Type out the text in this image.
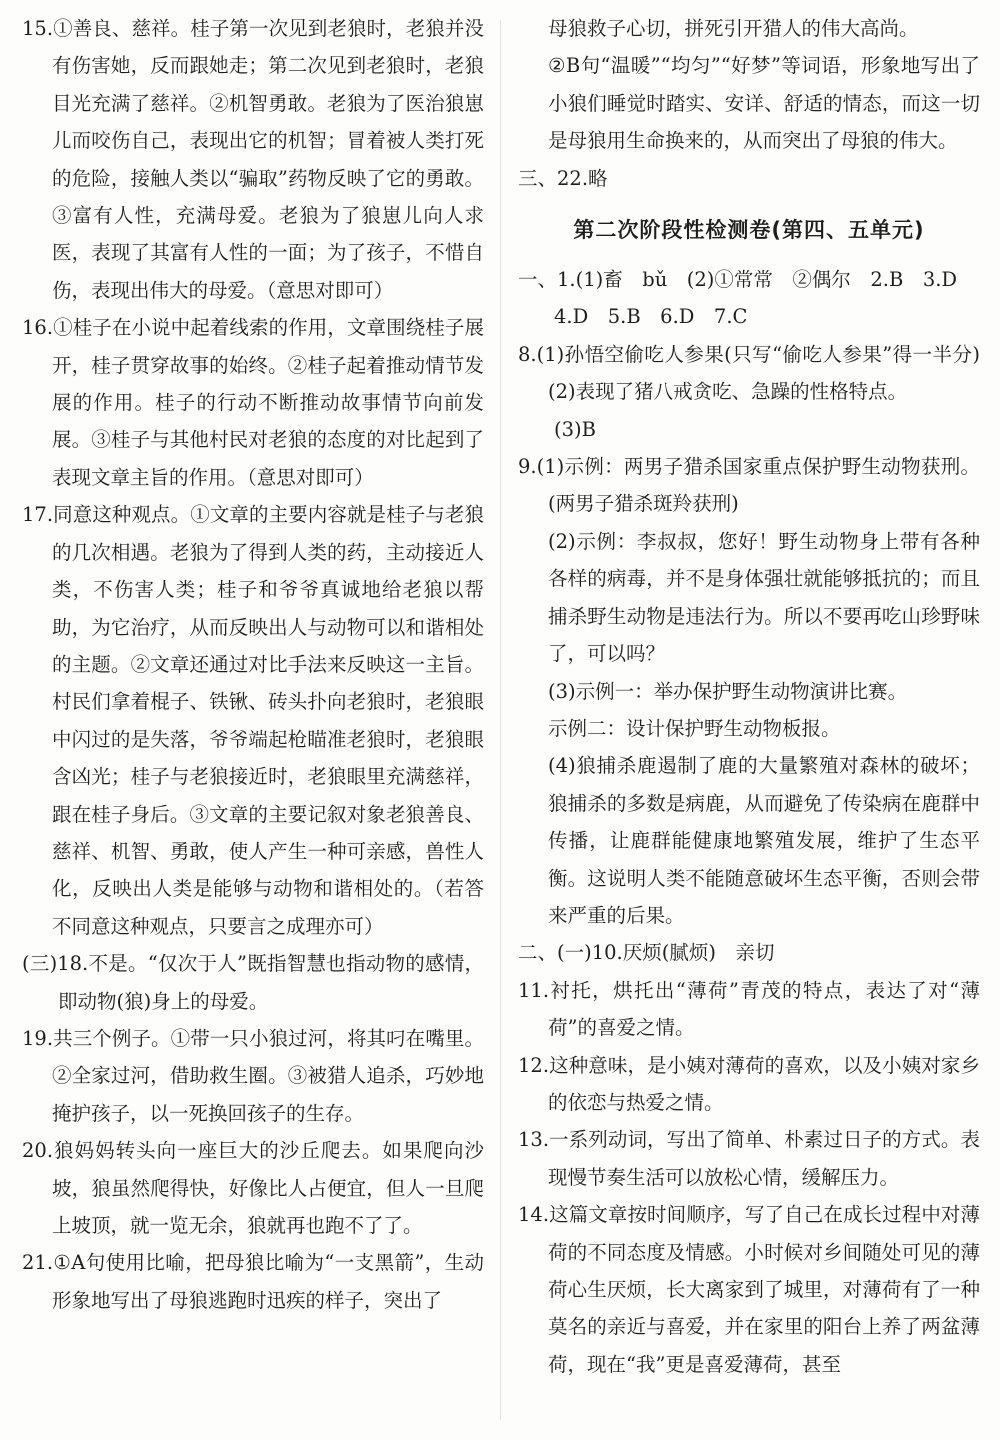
15.①善良、慈祥。桂子第一次见到老狼时，老狼并没有伤害她，反而跟她走；第二次见到老狼时，老狼目光充满了慈祥。②机智勇敢。老狼为了医治狼崽儿而咬伤自己，表现出它的机智；冒着被人类打死的危险，接触人类以“骗取”药物反映了它的勇敢。③富有人性，充满母爱。老狼为了狼崽儿向人求医，表现了其富有人性的一面；为了孩子，不惜自伤，表现出伟大的母爱。（意思对即可）

16.①桂子在小说中起着线索的作用，文章围绕桂子展开，桂子贯穿故事的始终。②桂子起着推动情节发展的作用。桂子的行动不断推动故事情节向前发展。③桂子与其他村民对老狼的态度的对比起到了表现文章主旨的作用。（意思对即可）

17.同意这种观点。①文章的主要内容就是桂子与老狼的几次相遇。老狼为了得到人类的药，主动接近人类，不伤害人类；桂子和爷爷真诚地给老狼以帮助，为它治疗，从而反映出人与动物可以和谐相处的主题。②文章还通过对比手法来反映这一主旨。村民们拿着棍子、铁锹、砖头扑向老狼时，老狼眼中闪过的是失落，爷爷端起枪瞄准老狼时，老狼眼含凶光；桂子与老狼接近时，老狼眼里充满慈祥，跟在桂子身后。③文章的主要记叙对象老狼善良、慈祥、机智、勇敢，使人产生一种可亲感，兽性人化，反映出人类是能够与动物和谐相处的。（若答不同意这种观点，只要言之成理亦可）

(三)18.不是。“仅次于人”既指智慧也指动物的感情，即动物(狼)身上的母爱。

19.共三个例子。①带一只小狼过河，将其叼在嘴里。②全家过河，借助救生圈。③被猎人追杀，巧妙地掩护孩子，以一死换回孩子的生存。

20.狼妈妈转头向一座巨大的沙丘爬去。如果爬向沙坡，狼虽然爬得快，好像比人占便宜，但人一旦爬上坡顶，就一览无余，狼就再也跑不了了。

21.①A句使用比喻，把母狼比喻为“一支黑箭”，生动形象地写出了母狼逃跑时迅疾的样子，突出了

母狼救子心切，拼死引开猎人的伟大高尚。

②B句“温暖”“均匀”“好梦”等词语，形象地写出了小狼们睡觉时踏实、安详、舒适的情态，而这一切是母狼用生命换来的，从而突出了母狼的伟大。

三、22.略

第二次阶段性检测卷(第四、五单元)

一、1.(1)畜　bǔ　(2)①常常　②偶尔　2.B　3.D

4.D　5.B　6.D　7.C

8.(1)孙悟空偷吃人参果(只写“偷吃人参果”得一半分)　(2)表现了猪八戒贪吃、急躁的性格特点。

(3)B

9.(1)示例：两男子猎杀国家重点保护野生动物获刑。(两男子猎杀斑羚获刑)

(2)示例：李叔叔，您好！野生动物身上带有各种各样的病毒，并不是身体强壮就能够抵抗的；而且捕杀野生动物是违法行为。所以不要再吃山珍野味了，可以吗？

(3)示例一：举办保护野生动物演讲比赛。

示例二：设计保护野生动物板报。

(4)狼捕杀鹿遏制了鹿的大量繁殖对森林的破坏；狼捕杀的多数是病鹿，从而避免了传染病在鹿群中传播，让鹿群能健康地繁殖发展，维护了生态平衡。这说明人类不能随意破坏生态平衡，否则会带来严重的后果。

二、(一)10.厌烦(腻烦)　亲切

11.衬托，烘托出“薄荷”青茂的特点，表达了对“薄荷”的喜爱之情。

12.这种意味，是小姨对薄荷的喜欢，以及小姨对家乡的依恋与热爱之情。

13.一系列动词，写出了简单、朴素过日子的方式。表现慢节奏生活可以放松心情，缓解压力。

14.这篇文章按时间顺序，写了自己在成长过程中对薄荷的不同态度及情感。小时候对乡间随处可见的薄荷心生厌烦，长大离家到了城里，对薄荷有了一种莫名的亲近与喜爱，并在家里的阳台上养了两盆薄荷，现在“我”更是喜爱薄荷，甚至
